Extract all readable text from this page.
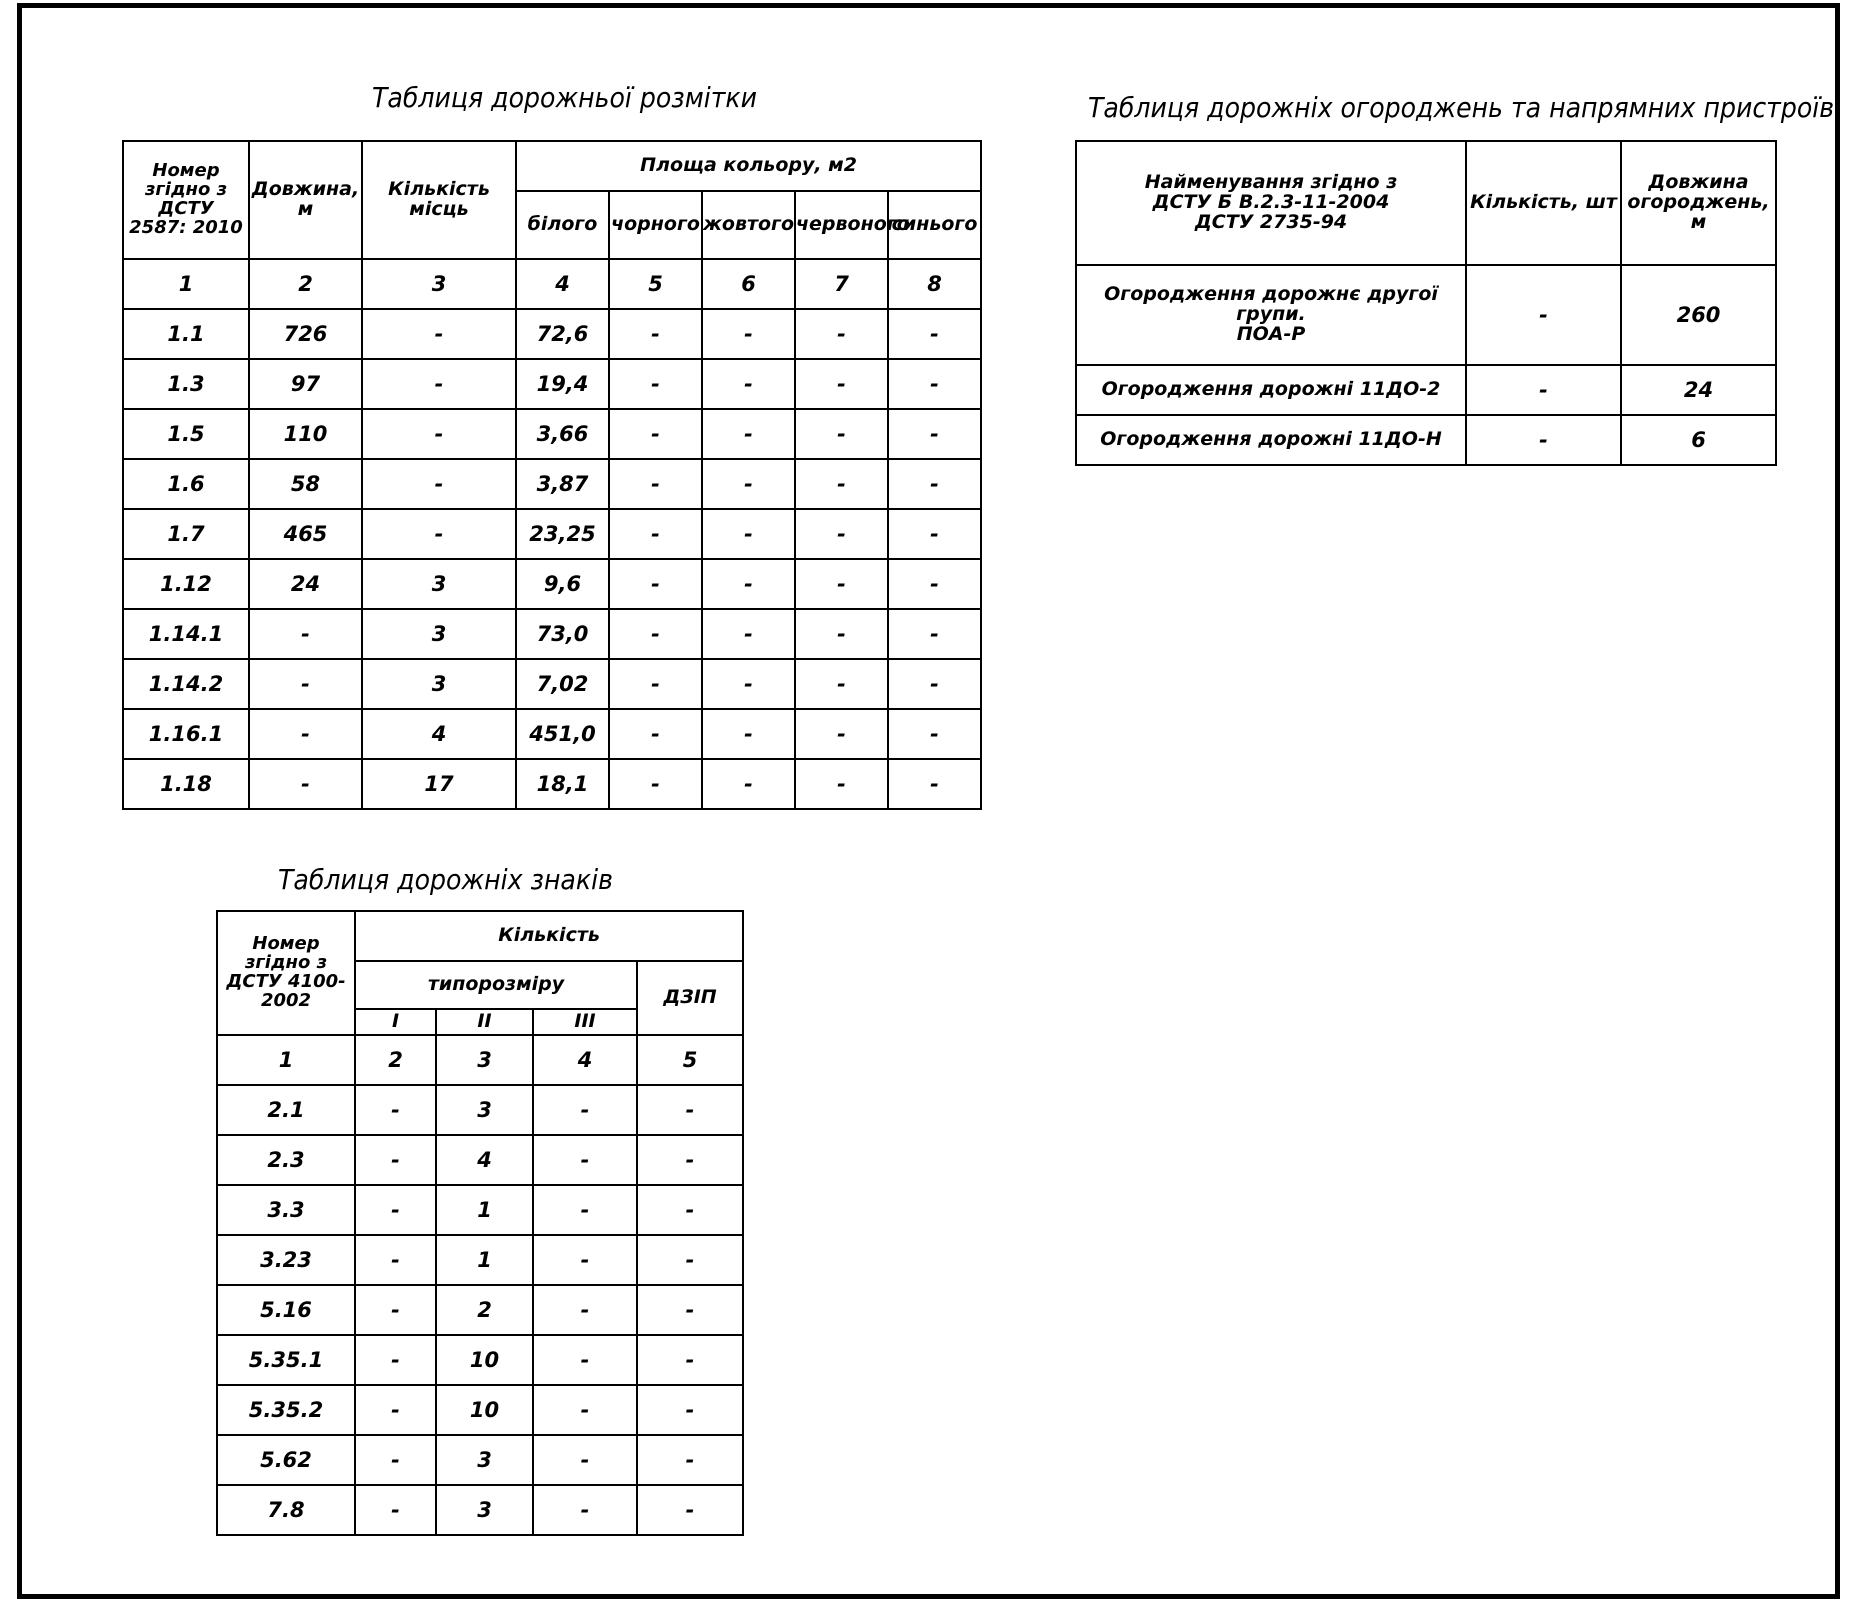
Таблиця дорожньої розмітки
Номер згідно з ДСТУ 2587: 2010	Довжина, м	Кількість місць	Площа кольору, м2				
			білого	чорного	жовтого	червоного	синього
1	2	3	4	5	6	7	8
1.1	726	-	72,6	-	-	-	-
1.3	97	-	19,4	-	-	-	-
1.5	110	-	3,66	-	-	-	-
1.6	58	-	3,87	-	-	-	-
1.7	465	-	23,25	-	-	-	-
1.12	24	3	9,6	-	-	-	-
1.14.1	-	3	73,0	-	-	-	-
1.14.2	-	3	7,02	-	-	-	-
1.16.1	-	4	451,0	-	-	-	-
1.18	-	17	18,1	-	-	-	-
Таблиця дорожніх огороджень та напрямних пристроїв
Найменування згідно з
ДСТУ Б В.2.3-11-2004
ДСТУ 2735-94	Кількість, шт	Довжина огороджень, м

Огородження дорожнє другої групи.
ПОА-Р	-	260

Огородження дорожні 11ДО-2	-	24

Огородження дорожні 11ДО-Н	-	6
Таблиця дорожніх знаків
Номер згідно з ДСТУ 4100-2002	Кількість			
	типорозміру			ДЗІП
	I	II	III	
1	2	3	4	5
2.1	-	3	-	-
2.3	-	4	-	-
3.3	-	1	-	-
3.23	-	1	-	-
5.16	-	2	-	-
5.35.1	-	10	-	-
5.35.2	-	10	-	-
5.62	-	3	-	-
7.8	-	3	-	-
